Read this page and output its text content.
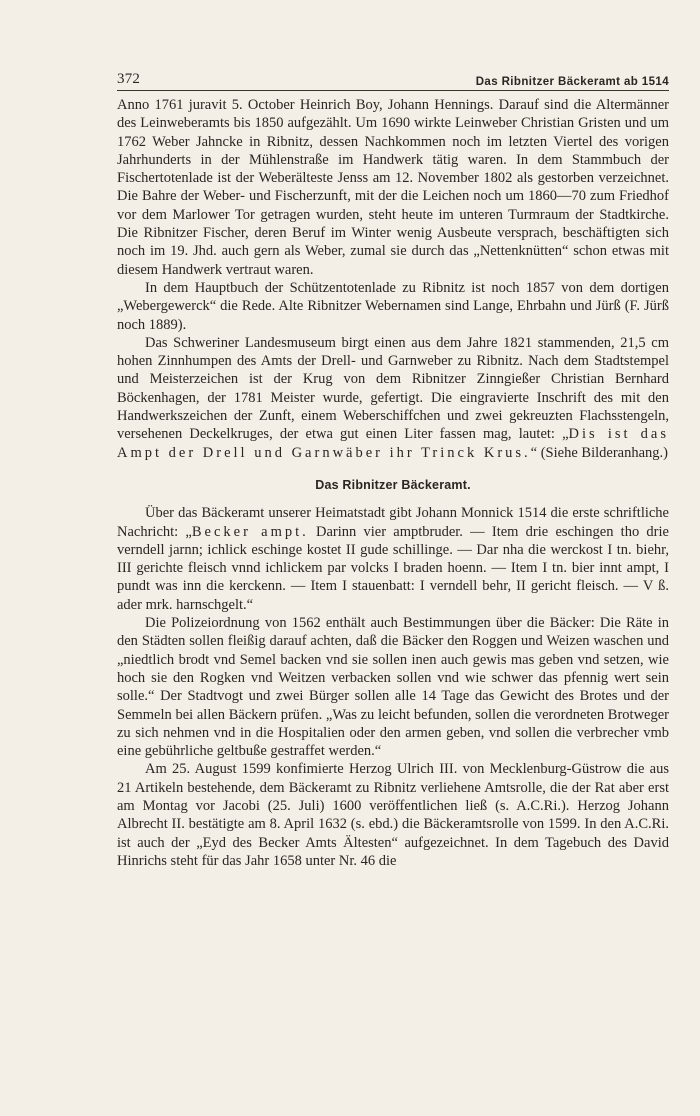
372	Das Ribnitzer Bäckeramt ab 1514

Anno 1761 juravit 5. October Heinrich Boy, Johann Hennings. Darauf sind die Altermänner des Leinweberamts bis 1850 aufgezählt. Um 1690 wirkte Leinweber Christian Gristen und um 1762 Weber Jahncke in Ribnitz, dessen Nachkommen noch im letzten Viertel des vorigen Jahrhunderts in der Mühlenstraße im Handwerk tätig waren. In dem Stammbuch der Fischertotenlade ist der Weberälteste Jenss am 12. November 1802 als gestorben verzeichnet. Die Bahre der Weber- und Fischerzunft, mit der die Leichen noch um 1860—70 zum Friedhof vor dem Marlower Tor getragen wurden, steht heute im unteren Turmraum der Stadtkirche. Die Ribnitzer Fischer, deren Beruf im Winter wenig Ausbeute versprach, beschäftigten sich noch im 19. Jhd. auch gern als Weber, zumal sie durch das „Nettenknütten“ schon etwas mit diesem Handwerk vertraut waren.

In dem Hauptbuch der Schützentotenlade zu Ribnitz ist noch 1857 von dem dortigen „Webergewerck“ die Rede. Alte Ribnitzer Webernamen sind Lange, Ehrbahn und Jürß (F. Jürß noch 1889).

Das Schweriner Landesmuseum birgt einen aus dem Jahre 1821 stammenden, 21,5 cm hohen Zinnhumpen des Amts der Drell- und Garnweber zu Ribnitz. Nach dem Stadtstempel und Meisterzeichen ist der Krug von dem Ribnitzer Zinngießer Christian Bernhard Böckenhagen, der 1781 Meister wurde, gefertigt. Die eingravierte Inschrift des mit den Handwerkszeichen der Zunft, einem Weberschiffchen und zwei gekreuzten Flachsstengeln, versehenen Deckelkruges, der etwa gut einen Liter fassen mag, lautet: „Dis ist das Ampt der Drell und Garnwäber ihr Trinck Krus.“ (Siehe Bilderanhang.)

Das Ribnitzer Bäckeramt.

Über das Bäckeramt unserer Heimatstadt gibt Johann Monnick 1514 die erste schriftliche Nachricht: „Becker ampt. Darinn vier amptbruder. — Item drie eschingen tho drie verndell jarnn; ichlick eschinge kostet II gude schillinge. — Dar nha die werckost I tn. biehr, III gerichte fleisch vnnd ichlickem par volcks I braden hoenn. — Item I tn. bier innt ampt, I pundt was inn die kerckenn. — Item I stauenbatt: I verndell behr, II gericht fleisch. — V ß. ader mrk. harnschgelt.“

Die Polizeiordnung von 1562 enthält auch Bestimmungen über die Bäcker: Die Räte in den Städten sollen fleißig darauf achten, daß die Bäcker den Roggen und Weizen waschen und „niedtlich brodt vnd Semel backen vnd sie sollen inen auch gewis mas geben vnd setzen, wie hoch sie den Rogken vnd Weitzen verbacken sollen vnd wie schwer das pfennig wert sein solle.“ Der Stadtvogt und zwei Bürger sollen alle 14 Tage das Gewicht des Brotes und der Semmeln bei allen Bäckern prüfen. „Was zu leicht befunden, sollen die verordneten Brotweger zu sich nehmen vnd in die Hospitalien oder den armen geben, vnd sollen die verbrecher vmb eine gebührliche geltbuße gestraffet werden.“

Am 25. August 1599 konfimierte Herzog Ulrich III. von Mecklenburg-Güstrow die aus 21 Artikeln bestehende, dem Bäckeramt zu Ribnitz verliehene Amtsrolle, die der Rat aber erst am Montag vor Jacobi (25. Juli) 1600 veröffentlichen ließ (s. A.C.Ri.). Herzog Johann Albrecht II. bestätigte am 8. April 1632 (s. ebd.) die Bäckeramtsrolle von 1599. In den A.C.Ri. ist auch der „Eyd des Becker Amts Ältesten“ aufgezeichnet. In dem Tagebuch des David Hinrichs steht für das Jahr 1658 unter Nr. 46 die
